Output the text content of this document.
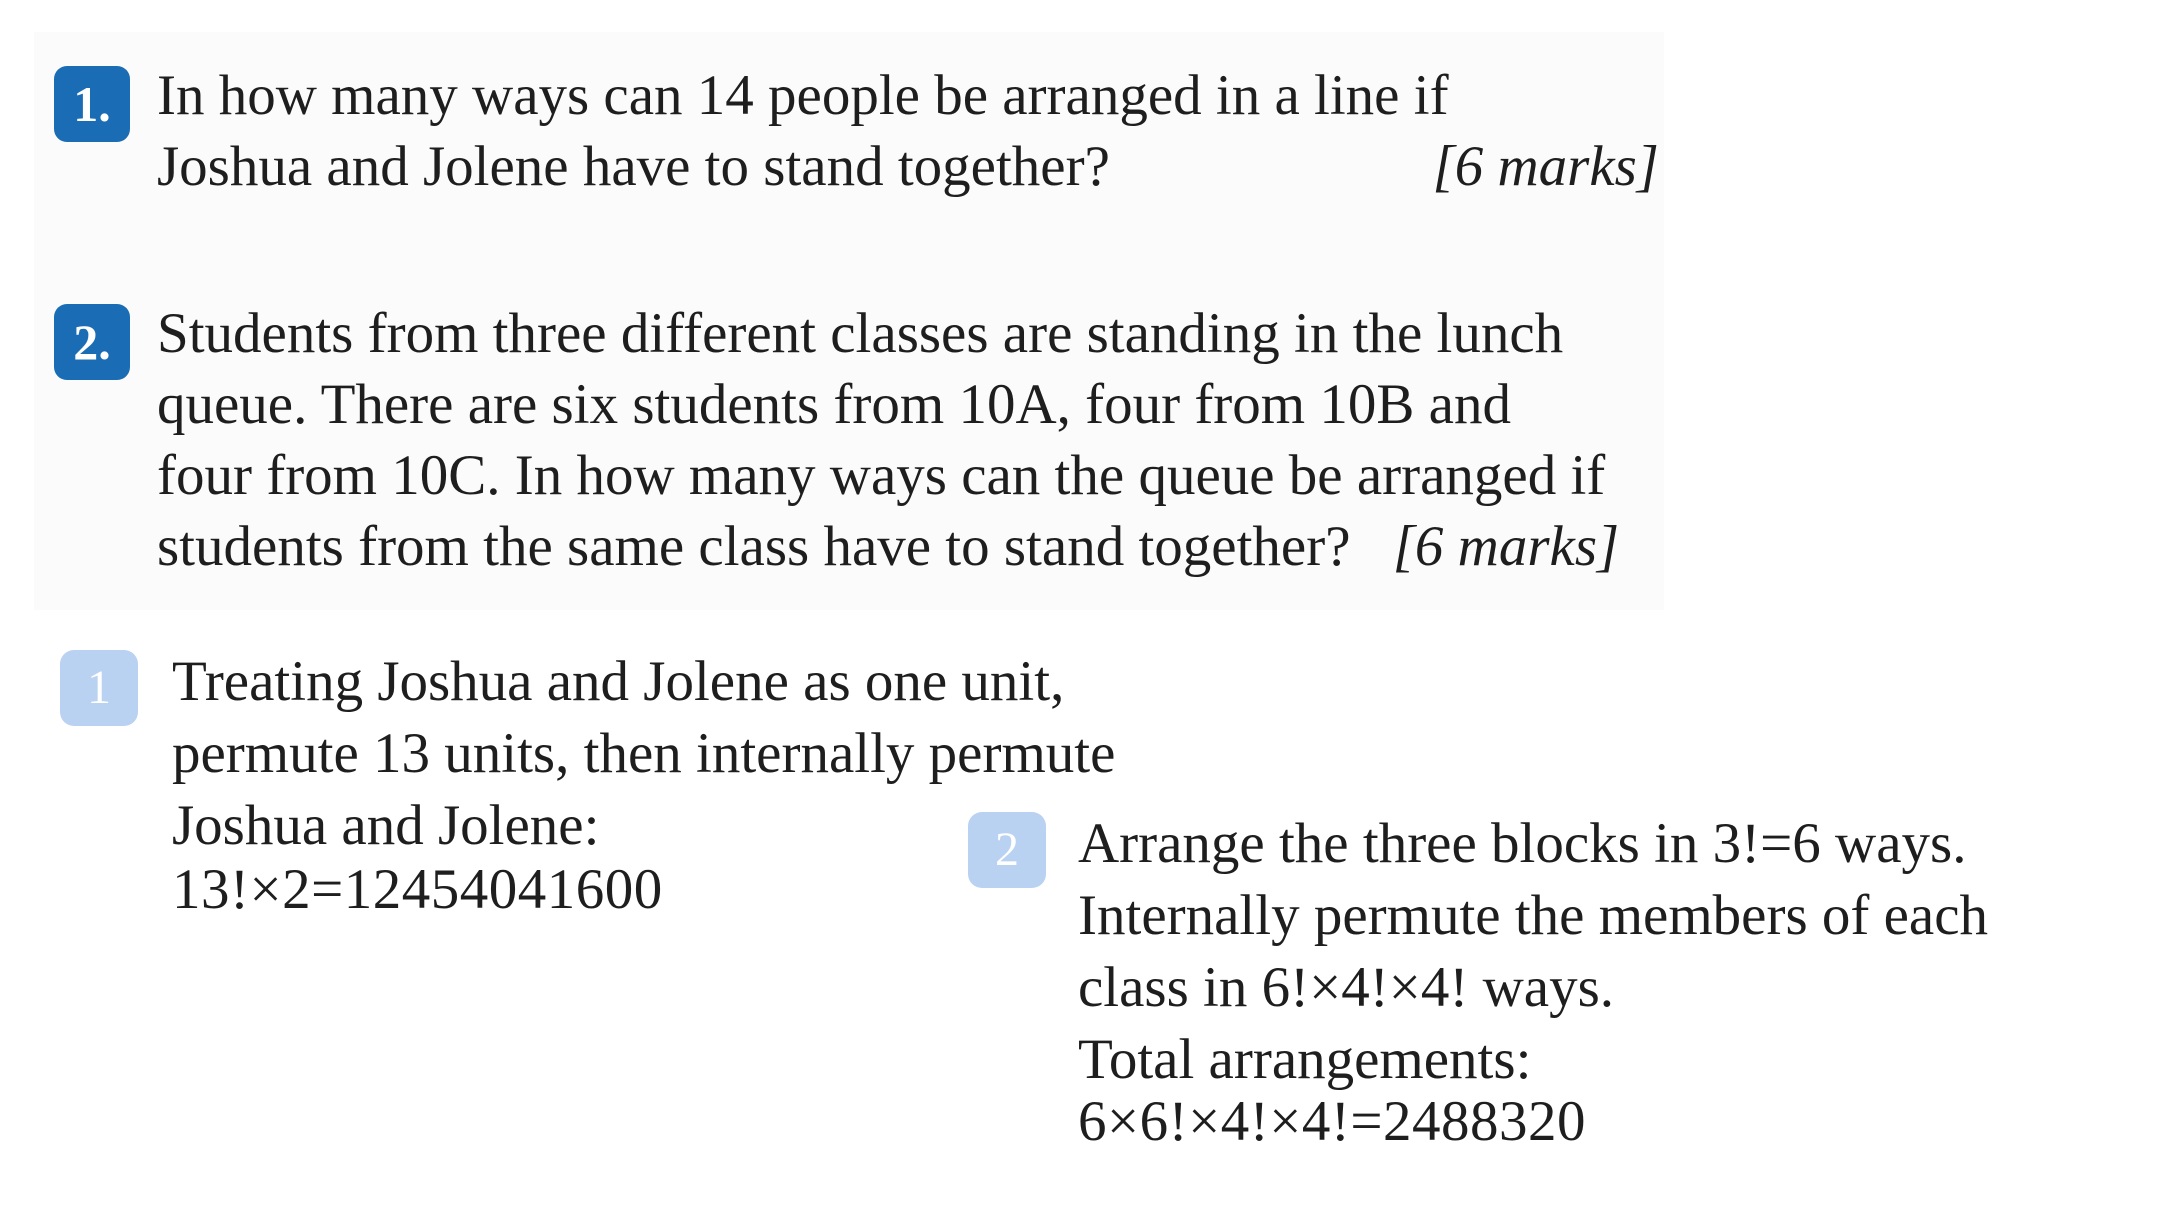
1. In how many ways can 14 people be arranged in a line if
Joshua and Jolene have to stand together?	[6 marks]
2. Students from three different classes are standing in the lunch
queue. There are six students from 10A, four from 10B and
four from 10C. In how many ways can the queue be arranged if
students from the same class have to stand together? [6 marks]
1	Treating Joshua and Jolene as one unit,
permute 13 units, then internally permute
Joshua and Jolene:
13!×2=12454041600
2	Arrange the three blocks in 3!=6 ways.
Internally permute the members of each
class in 6!×4!×4! ways.
Total arrangements:
6×6!×4!×4!=2488320
